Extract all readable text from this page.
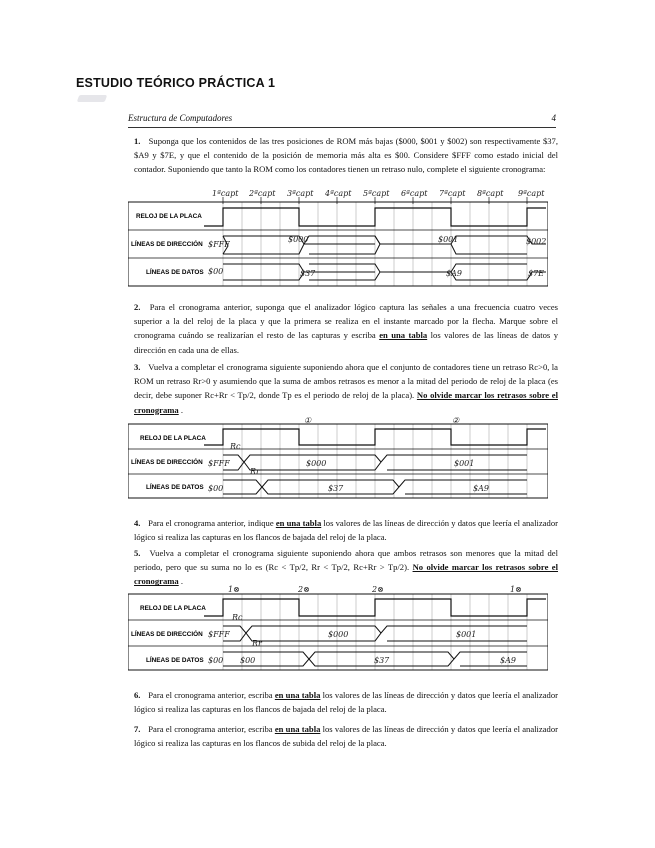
ESTUDIO TEÓRICO PRÁCTICA 1
Estructura de Computadores	4
1. Suponga que los contenidos de las tres posiciones de ROM más bajas ($000, $001 y $002) son respectivamente $37, $A9 y $7E, y que el contenido de la posición de memoria más alta es $00. Considere $FFF como estado inicial del contador. Suponiendo que tanto la ROM como los contadores tienen un retraso nulo, complete el siguiente cronograma:
RELOJ DE LA PLACA
LÍNEAS DE DIRECCIÓN
LÍNEAS DE DATOS
$FFF
$000	$001	$002
$00	$37	$A9	$7E
1ªcapt 2ªcapt 3ªcapt 4ªcapt 5ªcapt 6ªcapt 7ªcapt 8ªcapt 9ªcapt
2. Para el cronograma anterior, suponga que el analizador lógico captura las señales a una frecuencia cuatro veces superior a la del reloj de la placa y que la primera se realiza en el instante marcado por la flecha. Marque sobre el cronograma cuándo se realizarían el resto de las capturas y escriba en una tabla los valores de las líneas de datos y dirección en cada una de ellas.
3. Vuelva a completar el cronograma siguiente suponiendo ahora que el conjunto de contadores tiene un retraso Rc>0, la ROM un retraso Rr>0 y asumiendo que la suma de ambos retrasos es menor a la mitad del periodo de reloj de la placa (es decir, debe suponer Rc+Rr < Tp/2, donde Tp es el periodo de reloj de la placa). No olvide marcar los retrasos sobre el cronograma .
RELOJ DE LA PLACA
LÍNEAS DE DIRECCIÓN
LÍNEAS DE DATOS
$FFF	$000	$001
$00	$37	$A9
Rc
Rr
①	②
4. Para el cronograma anterior, indique en una tabla los valores de las líneas de dirección y datos que leería el analizador lógico si realiza las capturas en los flancos de bajada del reloj de la placa.
5. Vuelva a completar el cronograma siguiente suponiendo ahora que ambos retrasos son menores que la mitad del periodo, pero que su suma no lo es (Rc < Tp/2, Rr < Tp/2, Rc+Rr > Tp/2). No olvide marcar los retrasos sobre el cronograma .
RELOJ DE LA PLACA
LÍNEAS DE DIRECCIÓN
LÍNEAS DE DATOS
$FFF	$000	$001
$00 $00	$37	$A9
Rc
Rr
1⊗	2⊗	2⊗	1⊗
6. Para el cronograma anterior, escriba en una tabla los valores de las líneas de dirección y datos que leería el analizador lógico si realiza las capturas en los flancos de bajada del reloj de la placa.
7. Para el cronograma anterior, escriba en una tabla los valores de las líneas de dirección y datos que leería el analizador lógico si realiza las capturas en los flancos de subida del reloj de la placa.
